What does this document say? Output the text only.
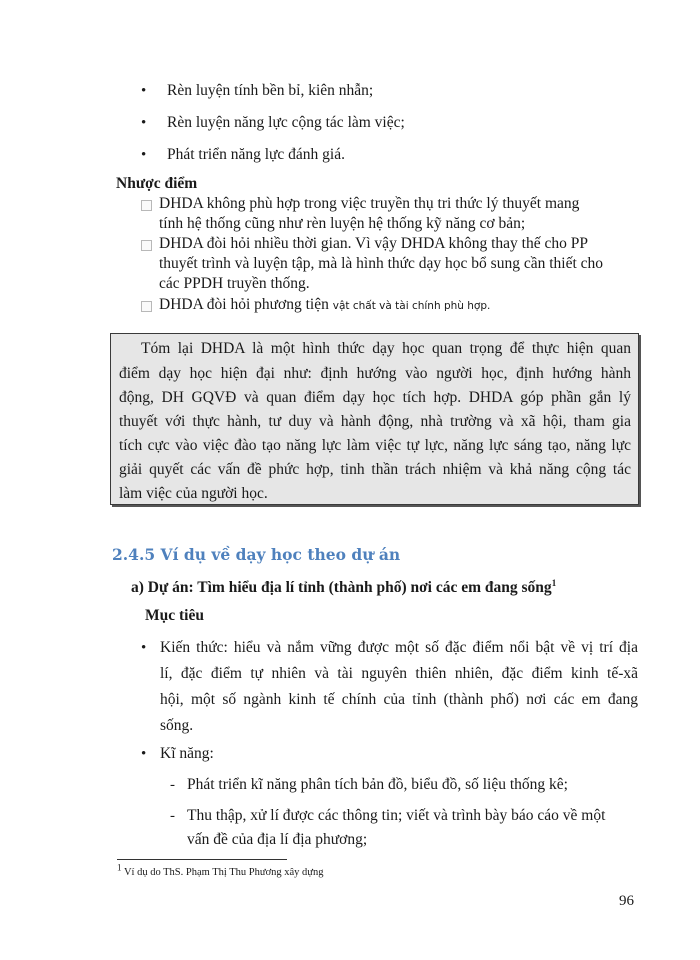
• Rèn luyện tính bền bỉ, kiên nhẫn;
• Rèn luyện năng lực cộng tác làm việc;
• Phát triển năng lực đánh giá.
Nhược điểm
DHDA không phù hợp trong việc truyền thụ tri thức lý thuyết mang
tính hệ thống cũng như rèn luyện hệ thống kỹ năng cơ bản;
DHDA đòi hỏi nhiều thời gian. Vì vậy DHDA không thay thế cho PP
thuyết trình và luyện tập, mà là hình thức dạy học bổ sung cần thiết cho
các PPDH truyền thống.
DHDA đòi hỏi phương tiện vật chất và tài chính phù hợp.
Tóm lại DHDA là một hình thức dạy học quan trọng để thực hiện quan
điểm dạy học hiện đại như: định hướng vào người học, định hướng hành
động, DH GQVĐ và quan điểm dạy học tích hợp. DHDA góp phần gắn lý
thuyết với thực hành, tư duy và hành động, nhà trường và xã hội, tham gia
tích cực vào việc đào tạo năng lực làm việc tự lực, năng lực sáng tạo, năng lực
giải quyết các vấn đề phức hợp, tinh thần trách nhiệm và khả năng cộng tác
làm việc của người học.
2.4.5 Ví dụ về dạy học theo dự án
a) Dự án: Tìm hiểu địa lí tỉnh (thành phố) nơi các em đang sống$^1$
Mục tiêu
• Kiến thức: hiểu và nắm vững được một số đặc điểm nổi bật về vị trí địa
lí, đặc điểm tự nhiên và tài nguyên thiên nhiên, đặc điểm kinh tế-xã
hội, một số ngành kinh tế chính của tỉnh (thành phố) nơi các em đang
sống.
• Kĩ năng:
- Phát triển kĩ năng phân tích bản đồ, biểu đồ, số liệu thống kê;
- Thu thập, xử lí được các thông tin; viết và trình bày báo cáo về một
vấn đề của địa lí địa phương;
$^1$ Ví dụ do ThS. Phạm Thị Thu Phương xây dựng
96
